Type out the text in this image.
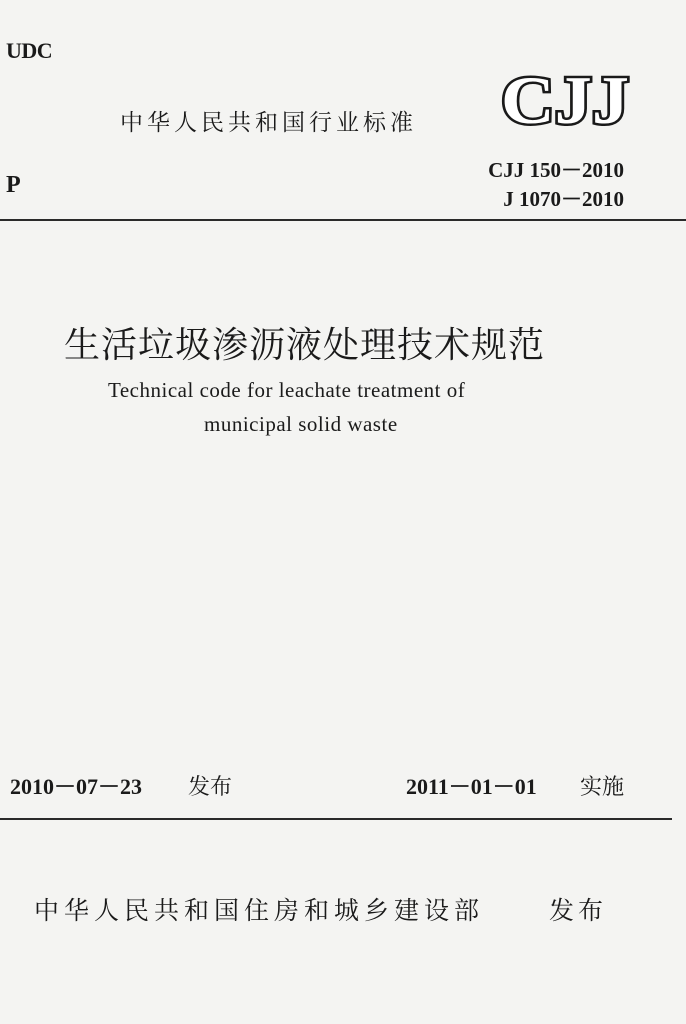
UDC
P
中华人民共和国行业标准 CJJ
CJJ 150－2010
J 1070－2010
生活垃圾渗沥液处理技术规范
Technical code for leachate treatment of
municipal solid waste
2010－07－23 发布	2011－01－01 实施
中华人民共和国住房和城乡建设部	发布
